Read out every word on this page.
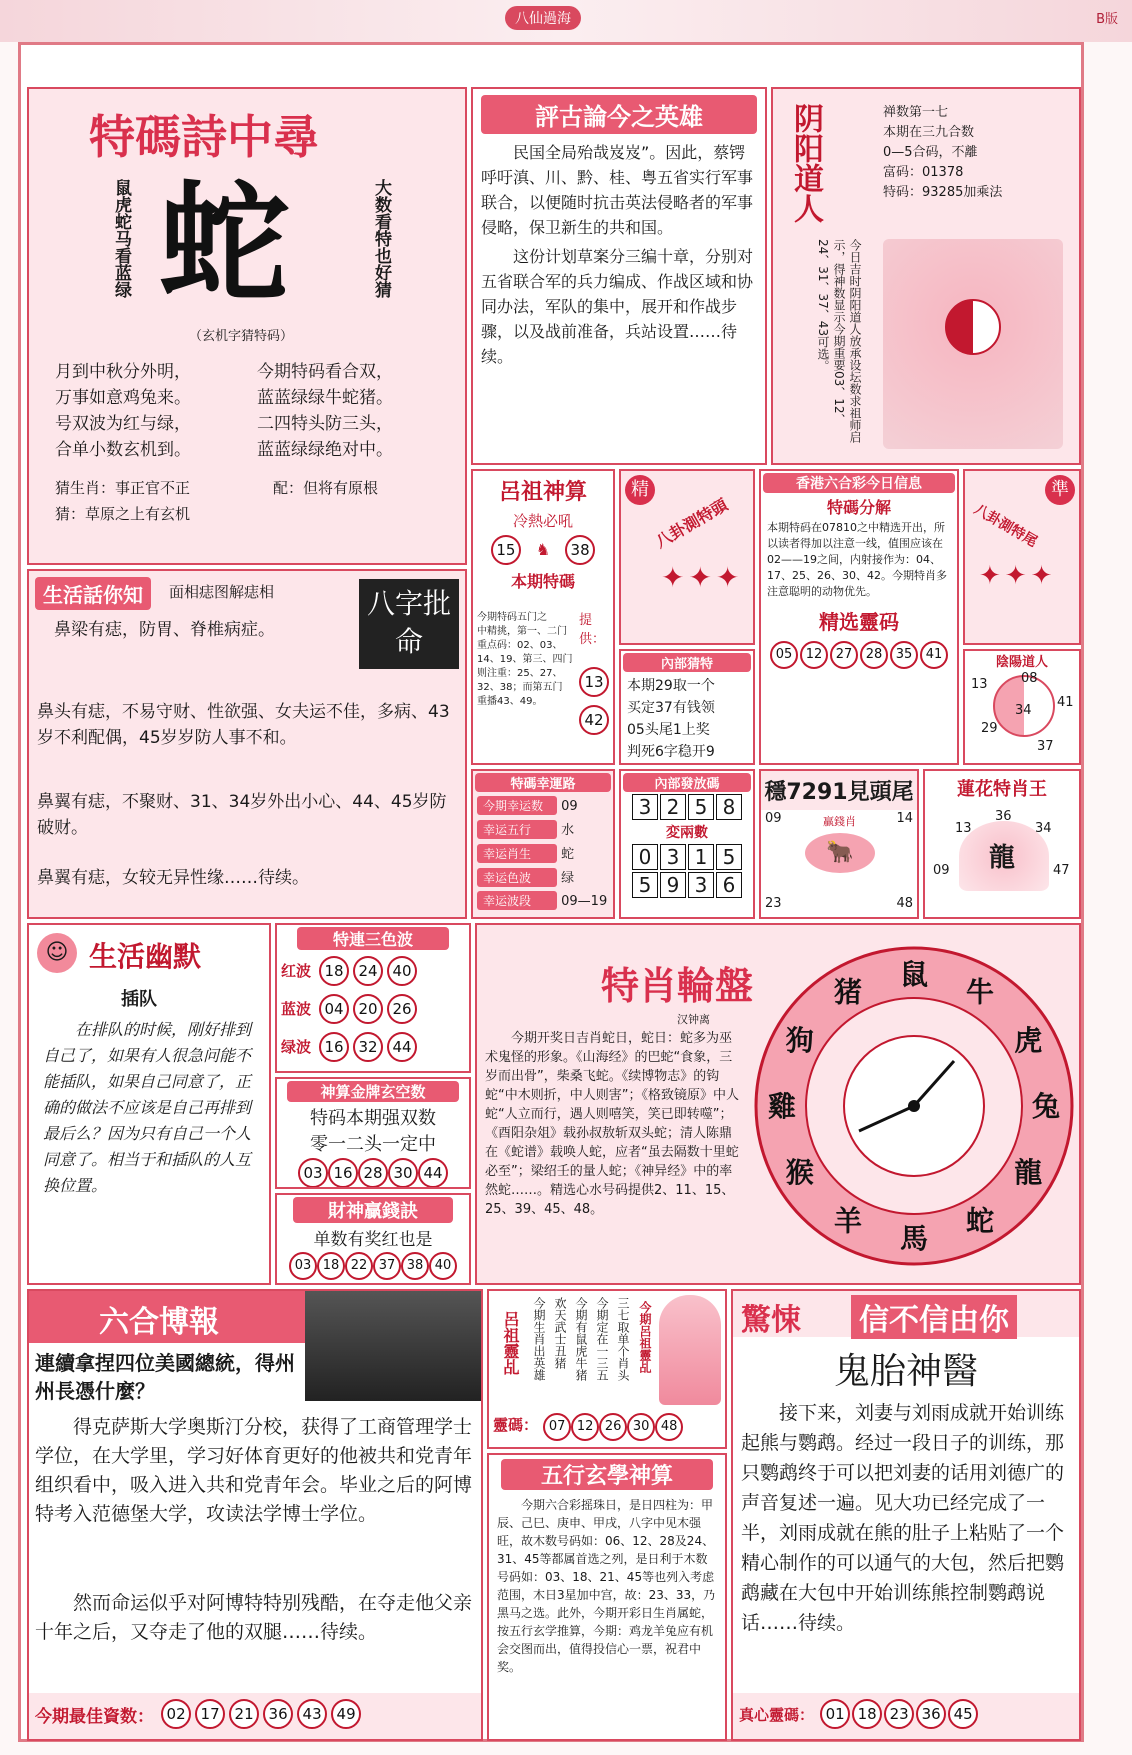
八仙過海	B版
特碼詩中尋
鼠虎蛇马看蓝绿 蛇	大数看特也好猜
（玄机字猜特码）
月到中秋分外明，
万事如意鸡兔来。
号双波为红与绿，
合单小数玄机到。
今期特码看合双，
蓝蓝绿绿牛蛇猪。
二四特头防三头，
蓝蓝绿绿绝对中。
猜生肖：事正官不正	配：但将有原根
猜：草原之上有玄机
評古論今之英雄
民国全局殆哉岌岌”。因此，蔡锷呼吁滇、川、黔、桂、粤五省实行军事联合，以便随时抗击英法侵略者的军事侵略，保卫新生的共和国。
这份计划草案分三编十章，分别对五省联合军的兵力编成、作战区域和协同办法，军队的集中，展开和作战步骤，以及战前准备，兵站设置……待续。
阴阳道人	禅数第一七
本期在三九合数
0—5合码，不離
富码：01378
特码：93285加乘法
今日吉时阴阳道人放承设坛数求祖师启示，得神数显示今期重要03、12、24、31、37、43可选。
生活話你知	面相痣图解痣相	八字批命
鼻梁有痣，防胃、脊椎病症。
鼻头有痣，不易守财、性欲强、女夫运不佳，多病、43岁不利配偶，45岁岁防人事不和。
鼻翼有痣，不聚财、31、34岁外出小心、44、45岁防破财。
鼻翼有痣，女较无异性缘……待续。
呂祖神算
冷熱必吼
15 ♞ 38
本期特碼
今期特码五门之
中精挑，第一、二门
重点码：02、03、
14、19、第三、四门
则注重：25、27、
32、38；而第五门
重播43、49。
提供：
13
42
特碼幸運路
今期幸运数 09
幸运五行 水
幸运肖生 蛇
幸运色波 绿
幸运波段 09—19
精
八卦測特頭
✦✦✦
內部猜特
本期29取一个
买定37有钱领
05头尾1上奖
判死6字稳开9
內部發放碼
3 2 5 8
変兩數
0 3 1 5
5 9 3 6
香港六合彩今日信息
特碼分解
本期特码在07810之中精选开出，所以读者得加以注意一线，值围应该在02——19之间，内射接作为：04、17、25、26、30、42。今期特肖多注意聪明的动物优先。
精选靈码
05 12 27 28 35 41
準
八卦測特尾
✦✦✦
陰陽道人
13	08
34
41
29
37
穩7291見頭尾
贏錢肖
🐂
09	14
23	48
蓮花特肖王
13
36
34
09	47
龍
☺ 生活幽默
插队
在排队的时候，刚好排到自己了，如果有人很急问能不能插队，如果自己同意了，正确的做法不应该是自己再排到最后么？因为只有自己一个人同意了。相当于和插队的人互换位置。
特連三色波
红波 18 24 40
蓝波 04 20 26
绿波 16 32 44
神算金牌玄空数
特码本期强双数
零一二头一定中
03 16 28 30 44
財神贏錢訣
单数有奖红也是
03 18 22 37 38 40
特肖輪盤
汉钟离
今期开奖日吉肖蛇日，蛇日：蛇多为巫术鬼怪的形象。《山海经》的巴蛇“食象，三岁而出骨”，柴桑飞蛇。《续博物志》的钩蛇“中木则折，中人则害”；《格致镜原》中人蛇“人立而行，遇人则嘻笑，笑已即转噬”；《酉阳杂俎》载孙叔敖斩双头蛇；清人陈鼎在《蛇谱》载唤人蛇，应者“虽去隔数十里蛇必至”；梁绍壬的量人蛇；《神异经》中的率然蛇……。精选心水号码提供2、11、15、25、39、45、48。
猪
鼠
牛
虎
兔
龍
蛇
馬
羊
猴
雞
狗
六合博報
連續拿捏四位美國總統，得州州長憑什麼？
得克萨斯大学奥斯汀分校，获得了工商管理学士学位，在大学里，学习好体育更好的他被共和党青年组织看中，吸入进入共和党青年会。毕业之后的阿博特考入范德堡大学，攻读法学博士学位。
然而命运似乎对阿博特特别残酷，在夺走他父亲十年之后，又夺走了他的双腿……待续。
今期最佳資数： 02 17 21 36 43 49
呂祖靈乩	三七取单个肖头
今期定在一三五
今期有鼠虎牛猪
欢天武士丑猪
今期生肖出英雄	今期呂祖靈乩
靈碼： 07 12 26 30 48
五行玄學神算
今期六合彩摇珠日，是日四柱为：甲辰、己巳、庚申、甲戌，八字中见木强旺，故木数号码如：06、12、28及24、31、45等都属首选之列，是日利于木数号码如：03、18、21、45等也列入考虑范围，木日3星加中宫，故：23、33，乃黑马之选。此外，今期开彩日生肖属蛇，按五行玄学推算，今期：鸡龙羊兔应有机会交图而出，值得投信心一票，祝君中奖。
驚悚 信不信由你
鬼胎神醫
接下来，刘妻与刘雨成就开始训练起熊与鹦鹉。经过一段日子的训练，那只鹦鹉终于可以把刘妻的话用刘德广的声音复述一遍。见大功已经完成了一半，刘雨成就在熊的肚子上粘贴了一个精心制作的可以通气的大包，然后把鹦鹉藏在大包中开始训练熊控制鹦鹉说话……待续。
真心靈碼： 01 18 23 36 45
